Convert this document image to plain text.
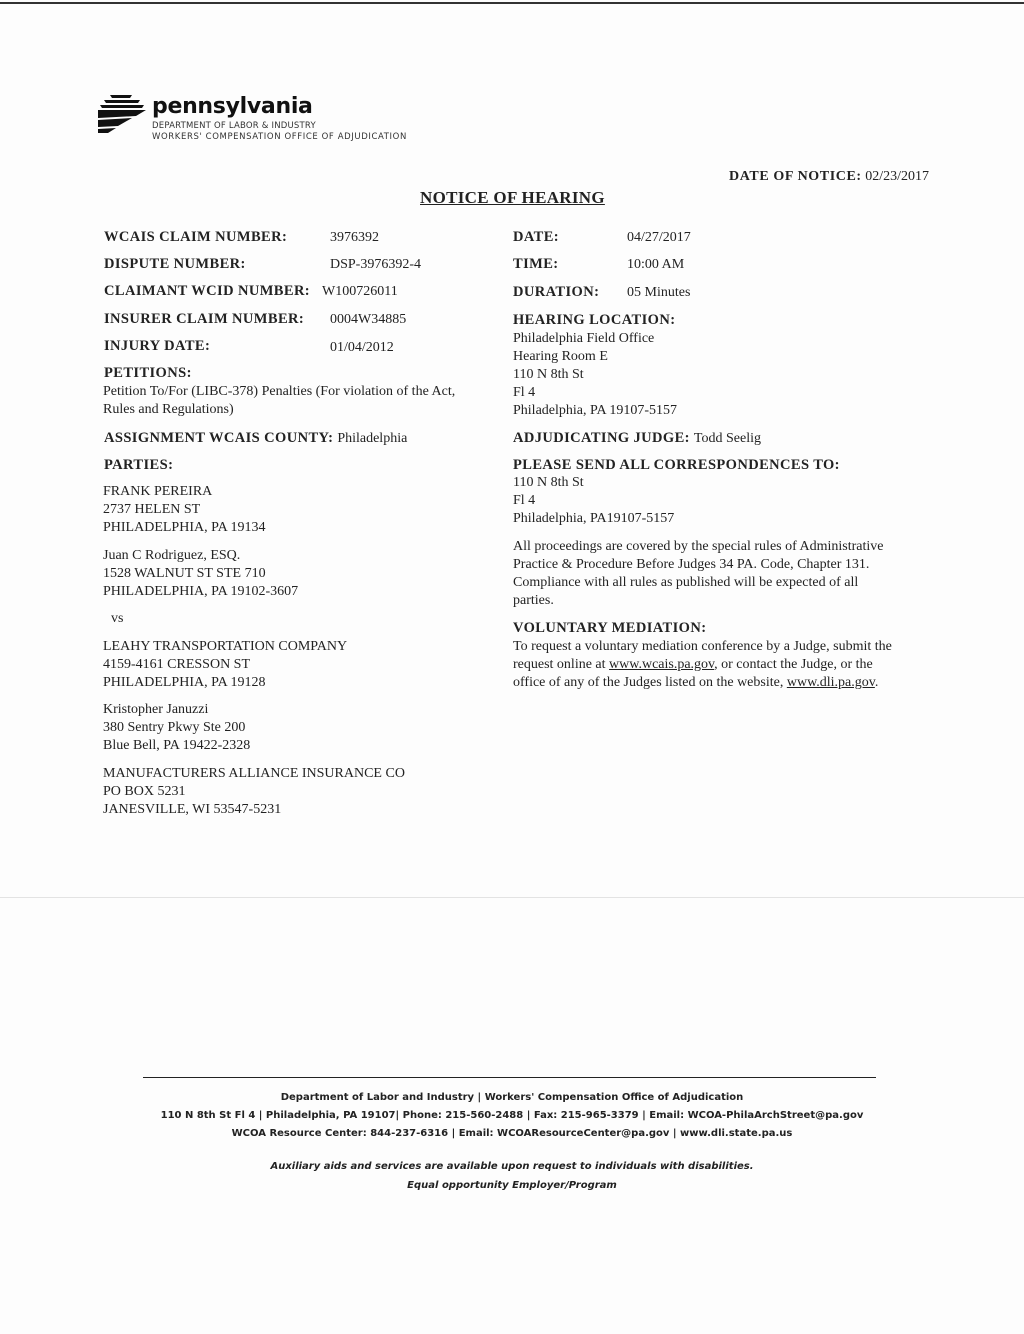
pennsylvania
DEPARTMENT OF LABOR & INDUSTRY
WORKERS' COMPENSATION OFFICE OF ADJUDICATION
DATE OF NOTICE: 02/23/2017
NOTICE OF HEARING
WCAIS CLAIM NUMBER:	3976392
DISPUTE NUMBER:	DSP-3976392-4
CLAIMANT WCID NUMBER: W100726011
INSURER CLAIM NUMBER: 0004W34885
INJURY DATE:	01/04/2012
PETITIONS:
Petition To/For (LIBC-378) Penalties (For violation of the Act,
Rules and Regulations)
ASSIGNMENT WCAIS COUNTY: Philadelphia
PARTIES:
FRANK PEREIRA
2737 HELEN ST
PHILADELPHIA, PA 19134
Juan C Rodriguez, ESQ.
1528 WALNUT ST STE 710
PHILADELPHIA, PA 19102-3607
vs
LEAHY TRANSPORTATION COMPANY
4159-4161 CRESSON ST
PHILADELPHIA, PA 19128
Kristopher Januzzi
380 Sentry Pkwy Ste 200
Blue Bell, PA 19422-2328
MANUFACTURERS ALLIANCE INSURANCE CO
PO BOX 5231
JANESVILLE, WI 53547-5231
DATE:	04/27/2017
TIME:	10:00 AM
DURATION: 05 Minutes
HEARING LOCATION:
Philadelphia Field Office
Hearing Room E
110 N 8th St
Fl 4
Philadelphia, PA 19107-5157
ADJUDICATING JUDGE: Todd Seelig
PLEASE SEND ALL CORRESPONDENCES TO:
110 N 8th St
Fl 4
Philadelphia, PA19107-5157
All proceedings are covered by the special rules of Administrative
Practice & Procedure Before Judges 34 PA. Code, Chapter 131.
Compliance with all rules as published will be expected of all
parties.
VOLUNTARY MEDIATION:
To request a voluntary mediation conference by a Judge, submit the
request online at www.wcais.pa.gov, or contact the Judge, or the
office of any of the Judges listed on the website, www.dli.pa.gov.
Department of Labor and Industry | Workers' Compensation Office of Adjudication
110 N 8th St Fl 4 | Philadelphia, PA 19107| Phone: 215-560-2488 | Fax: 215-965-3379 | Email: WCOA-PhilaArchStreet@pa.gov
WCOA Resource Center: 844-237-6316 | Email: WCOAResourceCenter@pa.gov | www.dli.state.pa.us
Auxiliary aids and services are available upon request to individuals with disabilities.
Equal opportunity Employer/Program
